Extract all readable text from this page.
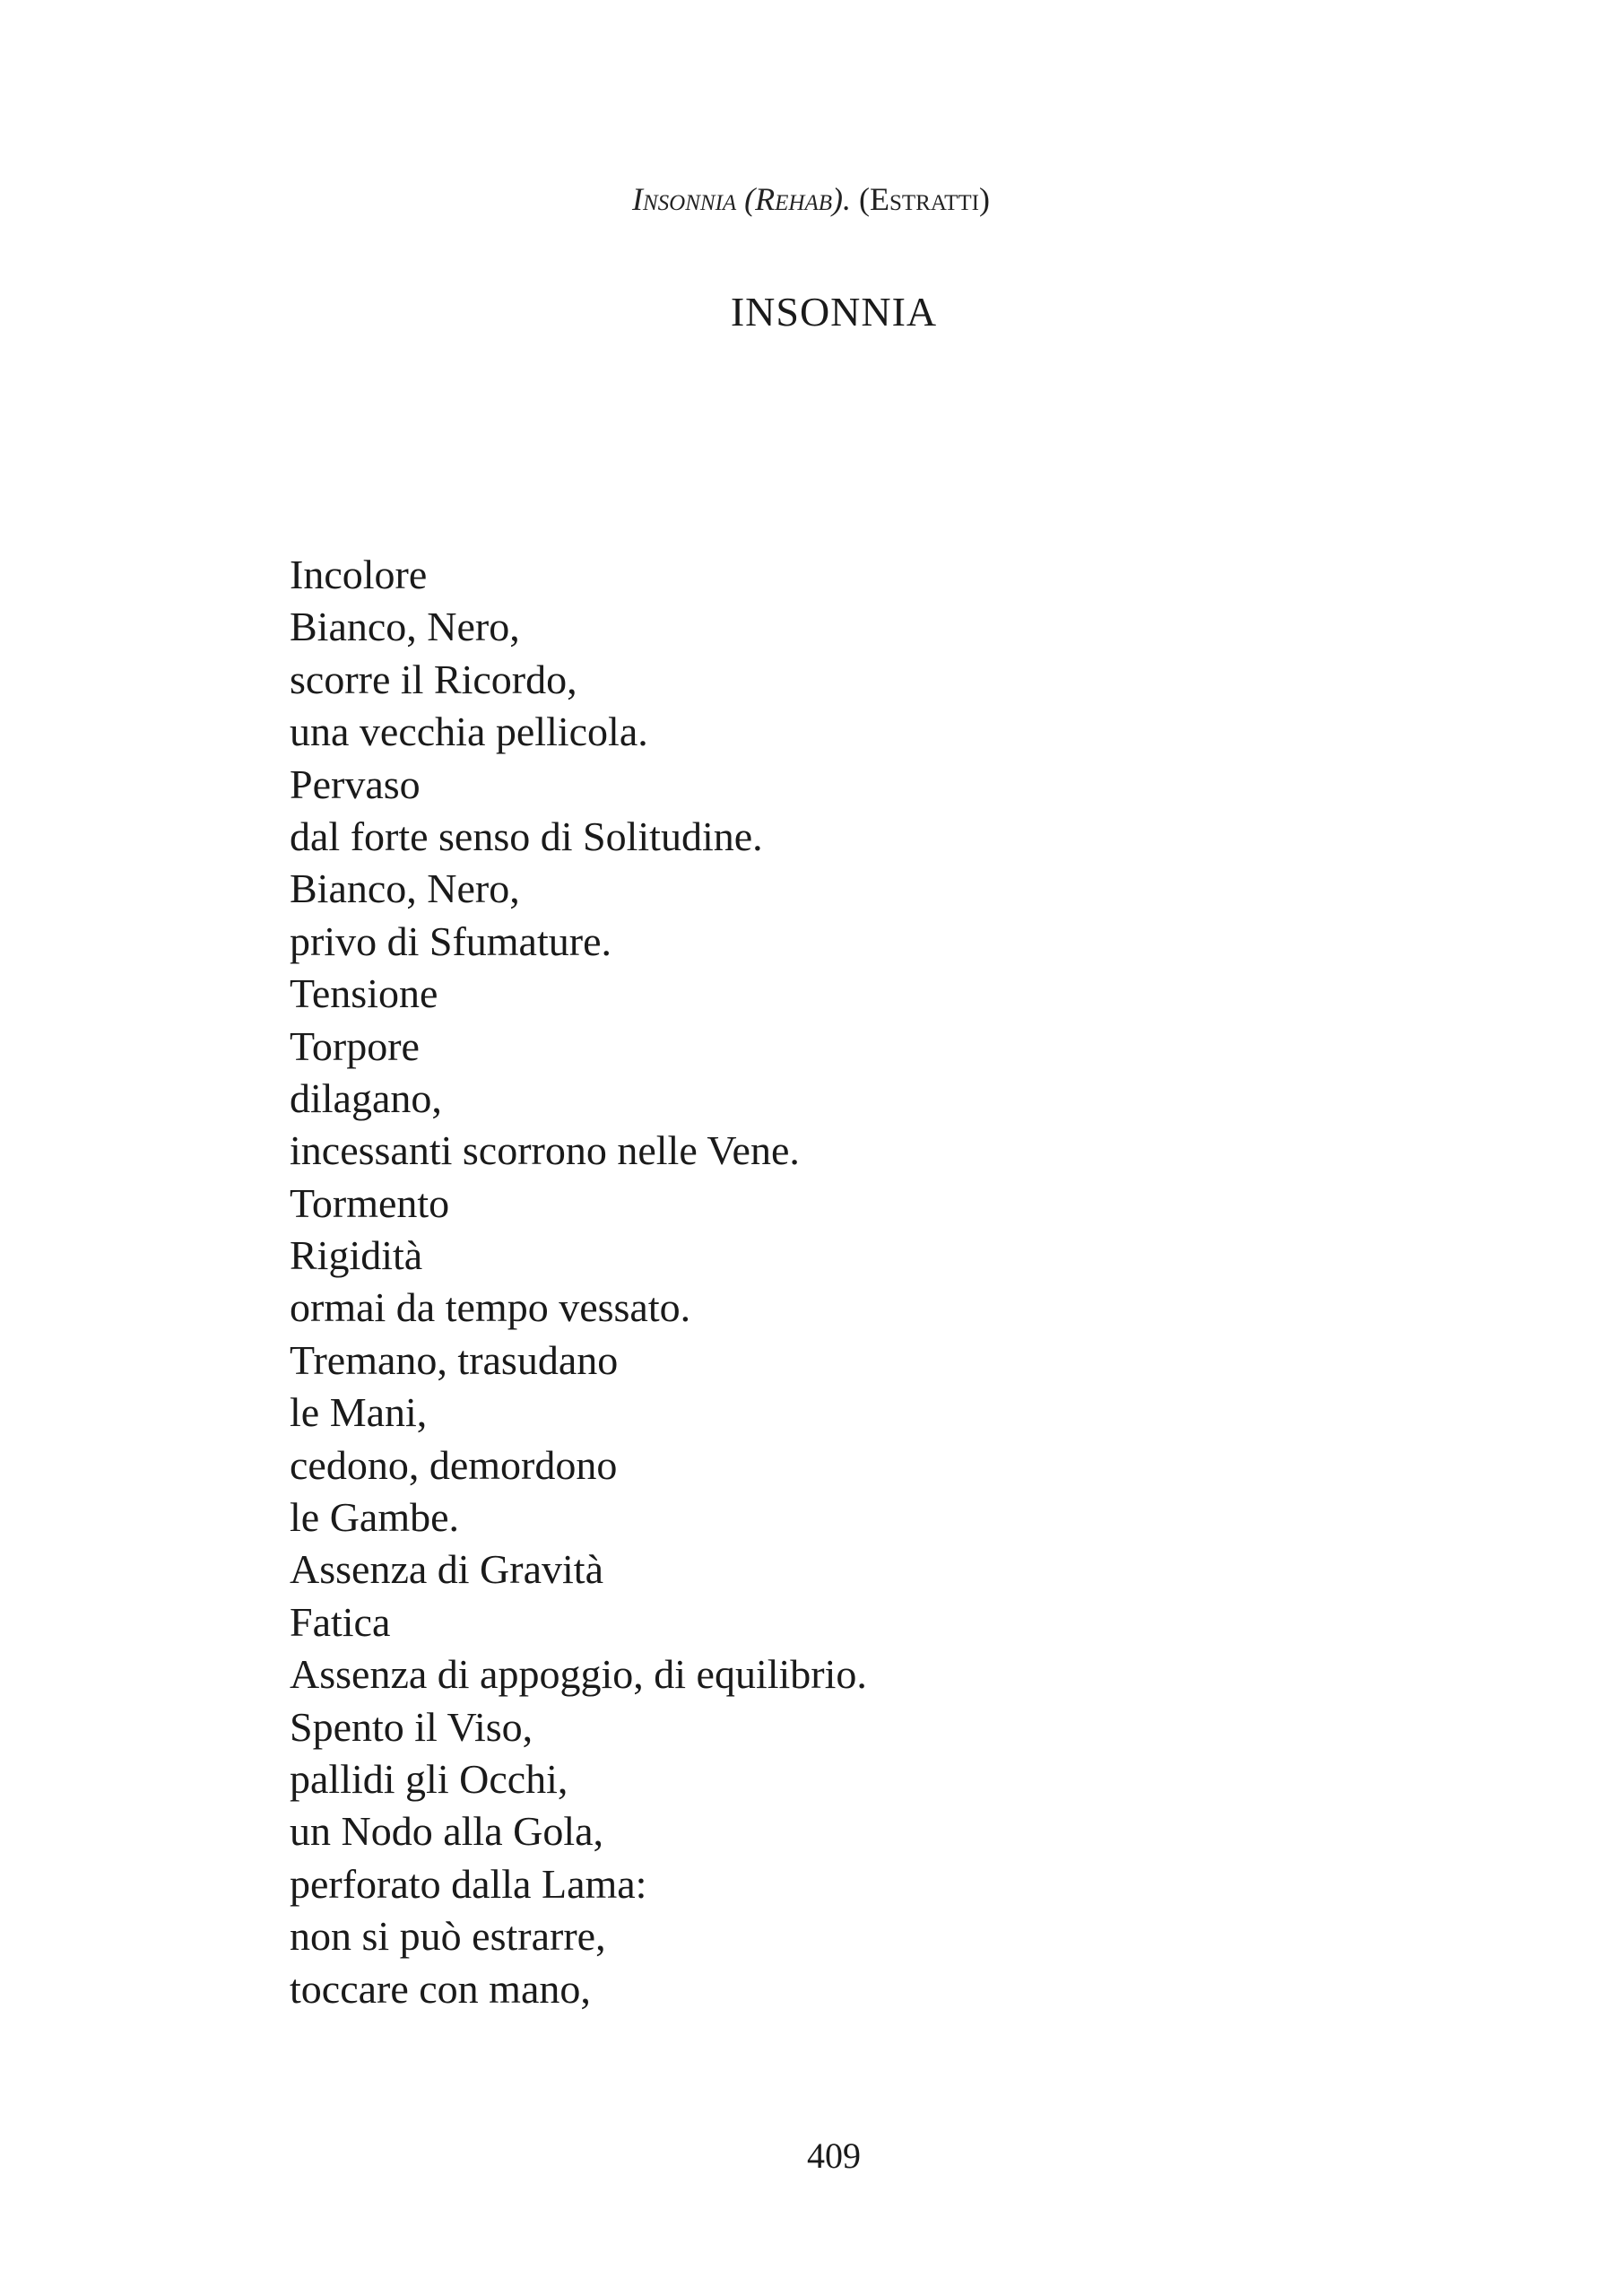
Insonnia (Rehab). (Estratti)
INSONNIA
Incolore
Bianco, Nero,
scorre il Ricordo,
una vecchia pellicola.
Pervaso
dal forte senso di Solitudine.
Bianco, Nero,
privo di Sfumature.
Tensione
Torpore
dilagano,
incessanti scorrono nelle Vene.
Tormento
Rigidità
ormai da tempo vessato.
Tremano, trasudano
le Mani,
cedono, demordono
le Gambe.
Assenza di Gravità
Fatica
Assenza di appoggio, di equilibrio.
Spento il Viso,
pallidi gli Occhi,
un Nodo alla Gola,
perforato dalla Lama:
non si può estrarre,
toccare con mano,
409
